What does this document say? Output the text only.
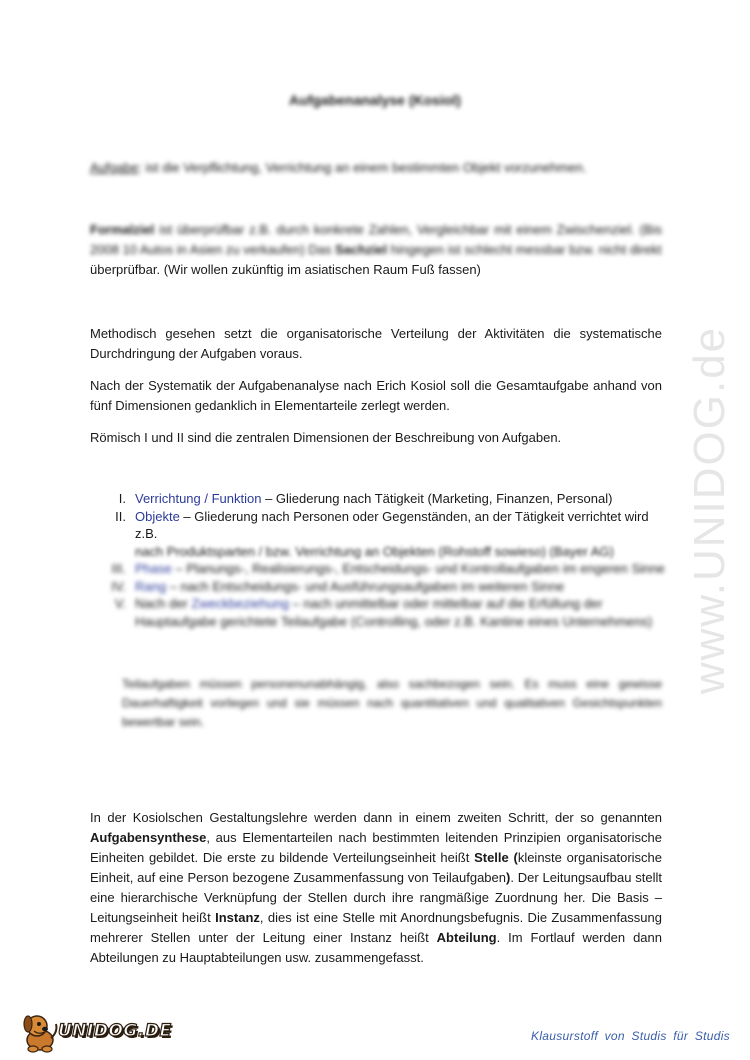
Aufgabenanalyse (Kosiol)

Aufgabe: ist die Verpflichtung, Verrichtung an einem bestimmten Objekt vorzunehmen.

Formalziel ist überprüfbar z.B. durch konkrete Zahlen, Vergleichbar mit einem Zwischenziel. (Bis 2008 10 Autos in Asien zu verkaufen) Das Sachziel hingegen ist schlecht messbar bzw. nicht direkt
überprüfbar. (Wir wollen zukünftig im asiatischen Raum Fuß fassen)

Methodisch gesehen setzt die organisatorische Verteilung der Aktivitäten die systematische Durchdringung der Aufgaben voraus.

Nach der Systematik der Aufgabenanalyse nach Erich Kosiol soll die Gesamtaufgabe anhand von fünf Dimensionen gedanklich in Elementarteile zerlegt werden.

Römisch I und II sind die zentralen Dimensionen der Beschreibung von Aufgaben.

I. Verrichtung / Funktion – Gliederung nach Tätigkeit (Marketing, Finanzen, Personal)
II. Objekte – Gliederung nach Personen oder Gegenständen, an der Tätigkeit verrichtet wird z.B.
nach Produktsparten / bzw. Verrichtung an Objekten (Rohstoff sowieso) (Bayer AG)
III. Phase – Planungs-, Realisierungs-, Entscheidungs- und Kontrollaufgaben im engeren Sinne
IV. Rang – nach Entscheidungs- und Ausführungsaufgaben im weiteren Sinne
V. Nach der Zweckbeziehung – nach unmittelbar oder mittelbar auf die Erfüllung der
Hauptaufgabe gerichtete Teilaufgabe (Controlling, oder z.B. Kantine eines Unternehmens)

Teilaufgaben müssen personenunabhängig, also sachbezogen sein. Es muss eine gewisse Dauerhaftigkeit vorliegen und sie müssen nach quantitativen und qualitativen Gesichtspunkten bewertbar sein.

In der Kosiolschen Gestaltungslehre werden dann in einem zweiten Schritt, der so genannten Aufgabensynthese, aus Elementarteilen nach bestimmten leitenden Prinzipien organisatorische Einheiten gebildet. Die erste zu bildende Verteilungseinheit heißt Stelle (kleinste organisatorische Einheit, auf eine Person bezogene Zusammenfassung von Teilaufgaben). Der Leitungsaufbau stellt eine hierarchische Verknüpfung der Stellen durch ihre rangmäßige Zuordnung her. Die Basis – Leitungseinheit heißt Instanz, dies ist eine Stelle mit Anordnungsbefugnis. Die Zusammenfassung mehrerer Stellen unter der Leitung einer Instanz heißt Abteilung. Im Fortlauf werden dann Abteilungen zu Hauptabteilungen usw. zusammengefasst.

www.UNIDOG.de
UNIDOG.DE	Klausurstoff von Studis für Studis
